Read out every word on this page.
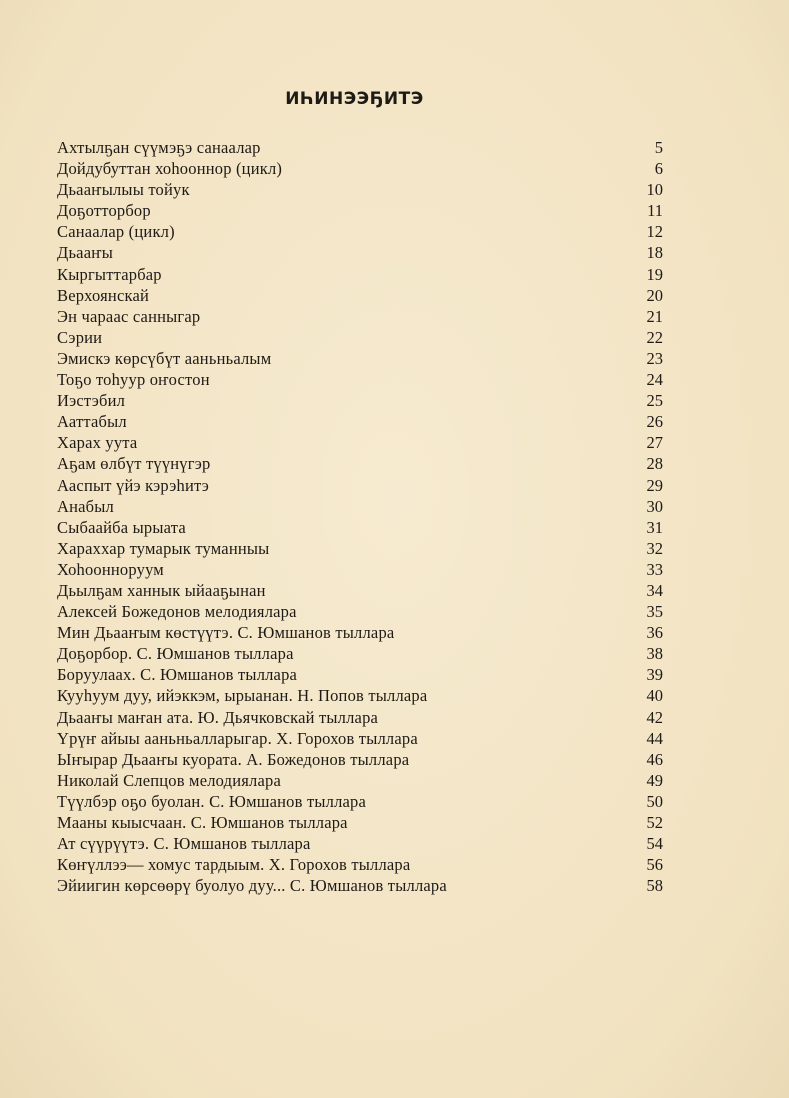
ИҺИНЭЭҔИТЭ
Ахтылҕан сүүмэҕэ санаалар	5
Дойдубуттан хоһооннор (цикл)	6
Дьааҥылыы тойук	10
Доҕотторбор	11
Санаалар (цикл)	12
Дьааҥы	18
Кыргыттарбар	19
Верхоянскай	20
Эн чараас санныгар	21
Сэрии	22
Эмискэ көрсүбүт ааньньалым	23
Тоҕо тоһуур оҥостон	24
Иэстэбил	25
Ааттабыл	26
Харах уута	27
Аҕам өлбүт түүнүгэр	28
Ааспыт үйэ кэрэһитэ	29
Анабыл	30
Сыбаайба ырыата	31
Хараххар тумарык туманныы	32
Хоһоонноруум	33
Дьылҕам ханнык ыйааҕынан	34
Алексей Божедонов мелодиялара	35
Мин Дьааҥым көстүүтэ. С. Юмшанов тыллара	36
Доҕорбор. С. Юмшанов тыллара	38
Боруулаах. С. Юмшанов тыллара	39
Кууһуум дуу, ийэккэм, ырыанан. Н. Попов тыллара	40
Дьааҥы маҥан ата. Ю. Дьячковскай тыллара	42
Үрүҥ айыы ааньньалларыгар. Х. Горохов тыллара	44
Ыҥырар Дьааҥы куората. А. Божедонов тыллара	46
Николай Слепцов мелодиялара	49
Түүлбэр оҕо буолан. С. Юмшанов тыллара	50
Мааны кыысчаан. С. Юмшанов тыллара	52
Ат сүүрүүтэ. С. Юмшанов тыллара	54
Көҥүллээ— хомус тардыым. Х. Горохов тыллара	56
Эйиигин көрсөөрү буолуо дуу... С. Юмшанов тыллара	58
